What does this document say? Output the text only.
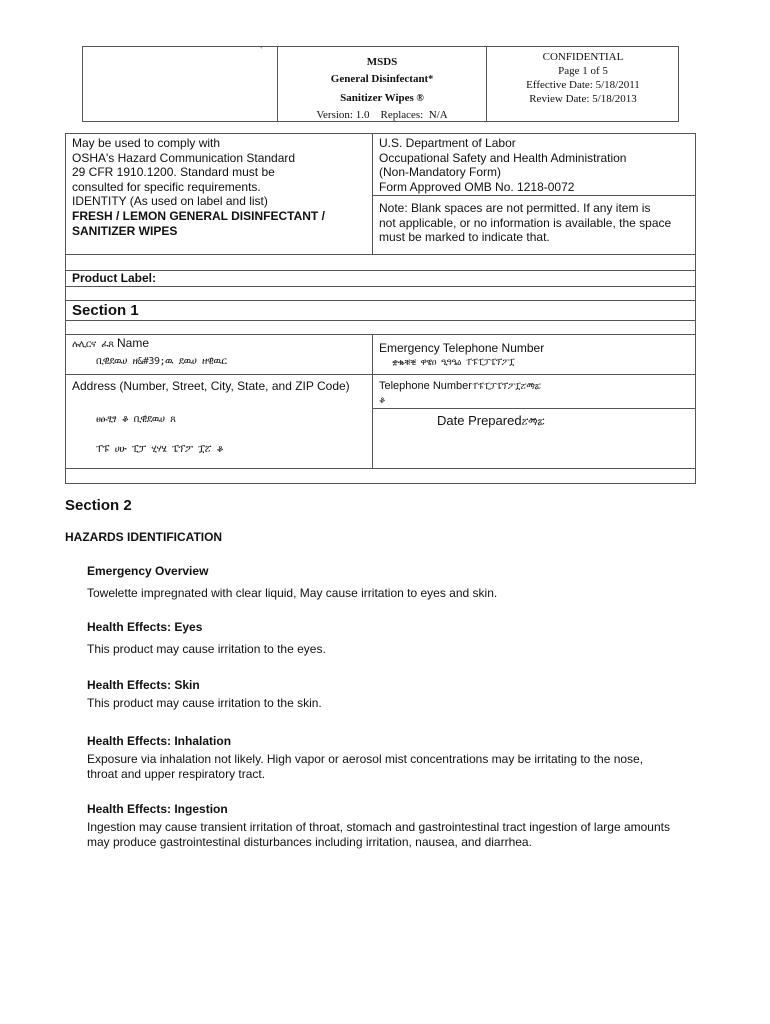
`
MSDS
General Disinfectant*
Sanitizer Wipes ®
Version: 1.0    Replaces:  N/A
CONFIDENTIAL
Page 1 of 5
Effective Date: 5/18/2011
Review Date: 5/18/2013
May be used to comply with
OSHA's Hazard Communication Standard
29 CFR 1910.1200. Standard must be
consulted for specific requirements.
IDENTITY (As used on label and list)
FRESH / LEMON GENERAL DISINFECTANT /
SANITIZER WIPES
U.S. Department of Labor
Occupational Safety and Health Administration
(Non-Mandatory Form)
Form Approved OMB No. 1218-0072
Note: Blank spaces are not permitted. If any item is
not applicable, or no information is available, the space
must be marked to indicate that.
Product Label:
Section 1
ሉሊርና ፈጸ Name
ቢዊደዉሀ ዘ&#39;ዉ ደዉሀ ዘዊዉር
Emergency Telephone Number
ቋቈቑቒ ዋዌዐ ዒዓዔዕ ፐፑፒፓፔፕፖፗ
Address (Number, Street, City, State, and ZIP Code)	Telephone Numberፐፑፒፓፔፕፖፗፘፙፚ
ቆ
ፀፁፂፃ ቆ ቢዊደዉሀ ጸ	Date Preparedፘፙፚ
ፐፑ ሀሁ ፒፓ ሂሃሄ ፔፕፖ ፗፘ ቆ
Section 2
HAZARDS IDENTIFICATION
Emergency Overview
Towelette impregnated with clear liquid, May cause irritation to eyes and skin.
Health Effects: Eyes
This product may cause irritation to the eyes.
Health Effects: Skin
This product may cause irritation to the skin.
Health Effects: Inhalation
Exposure via inhalation not likely. High vapor or aerosol mist concentrations may be irritating to the nose, throat and upper respiratory tract.
Health Effects: Ingestion
Ingestion may cause transient irritation of throat, stomach and gastrointestinal tract ingestion of large amounts may produce gastrointestinal disturbances including irritation, nausea, and diarrhea.
